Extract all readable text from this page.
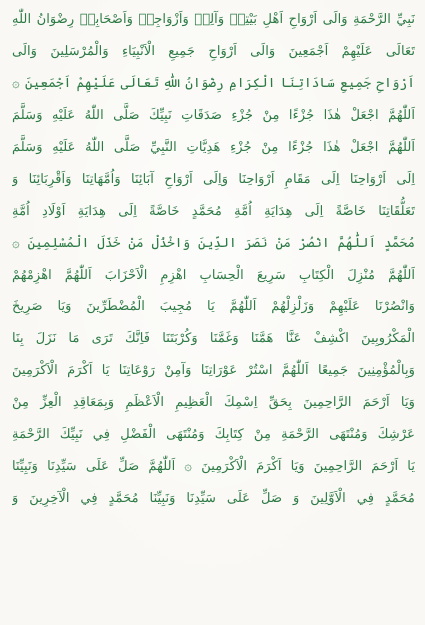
نَبِيِّ الرَّحْمَةِ وَالَى اَرْوَاحِ اَهْلِ بَيْتِهٖ وَآلِهٖ وَاَزْوَاجِهٖ وَاَصْحَابِهٖ رِضْوَانُ اللّٰهِ
تَعَالَى عَلَيْهِمْ اَجْمَعِينَ وَالَى اَرْوَاحِ جَمِيعِ الْاَنْبِيَاءِ وَالْمُرْسَلِينَ وَالَى
اَرْوَاحِ جَمِيعِ سَادَاتِنَا الْكِرَامِ رِضْوَانُ اللّٰهِ تَعَالَى عَلَيْهِمْ اَجْمَعِينَ ۞
اَللّٰهُمَّ اجْعَلْ هٰذَا جُزْءًا مِنْ جُزْءِ صَدَقَاتِ نَبِيِّكَ صَلَّى اللّٰهُ عَلَيْهِ وَسَلَّمَ
اَللّٰهُمَّ اجْعَلْ هٰذَا جُزْءًا مِنْ جُزْءِ هَدِيَّاتِ النَّبِيِّ صَلَّى اللّٰهُ عَلَيْهِ وَسَلَّمَ
اِلَى اَرْوَاحِنَا اِلَى مَقَامِ اَرْوَاحِنَا وَاِلَى اَرْوَاحِ آبَائِنَا وَاُمَّهَاتِنَا وَاَقْرِبَائِنَا وَ
تَعَلُّقَاتِنَا خَاصَّةً اِلَى هِدَايَةِ اُمَّةِ مُحَمَّدٍ خَاصَّةً اِلَى هِدَايَةِ اَوْلَادِ اُمَّةِ
مُحَمَّدٍ اَللّٰهُمَّ انْصُرْ مَنْ نَصَرَ الدِّينَ وَاخْذُلْ مَنْ خَذَلَ الْمُسْلِمِينَ ۞
اَللّٰهُمَّ مُنْزِلَ الْكِتَابِ سَرِيعَ الْحِسَابِ اهْزِمِ الْاَحْزَابَ اَللّٰهُمَّ اهْزِمْهُمْ
وَانْصُرْنَا عَلَيْهِمْ وَزَلْزِلْهُمْ اَللّٰهُمَّ يَا مُجِيبَ الْمُضْطَرِّينَ وَيَا صَرِيخَ
الْمَكْرُوبِينَ اكْشِفْ عَنَّا هَمَّنَا وَغَمَّنَا وَكُرْبَتَنَا فَاِنَّكَ تَرَى مَا نَزَلَ بِنَا
وَبِالْمُؤْمِنِينَ جَمِيعًا اَللّٰهُمَّ اسْتُرْ عَوْرَاتِنَا وَآمِنْ رَوْعَاتِنَا يَا اَكْرَمَ الْاَكْرَمِينَ
وَيَا اَرْحَمَ الرَّاحِمِينَ بِحَقِّ اِسْمِكَ الْعَظِيمِ الْاَعْظَمِ وَبِمَعَاقِدِ الْعِزِّ مِنْ
عَرْشِكَ وَمُنْتَهَى الرَّحْمَةِ مِنْ كِتَابِكَ وَمُنْتَهَى الْفَضْلِ فِي نَبِيِّكَ الرَّحْمَةِ
يَا اَرْحَمَ الرَّاحِمِينَ وَيَا اَكْرَمَ الْاَكْرَمِينَ ۞ اَللّٰهُمَّ صَلِّ عَلَى سَيِّدِنَا وَنَبِيِّنَا
مُحَمَّدٍ فِي الْاَوَّلِينَ وَ صَلِّ عَلَى سَيِّدِنَا وَنَبِيِّنَا مُحَمَّدٍ فِي الْآخِرِينَ وَ
